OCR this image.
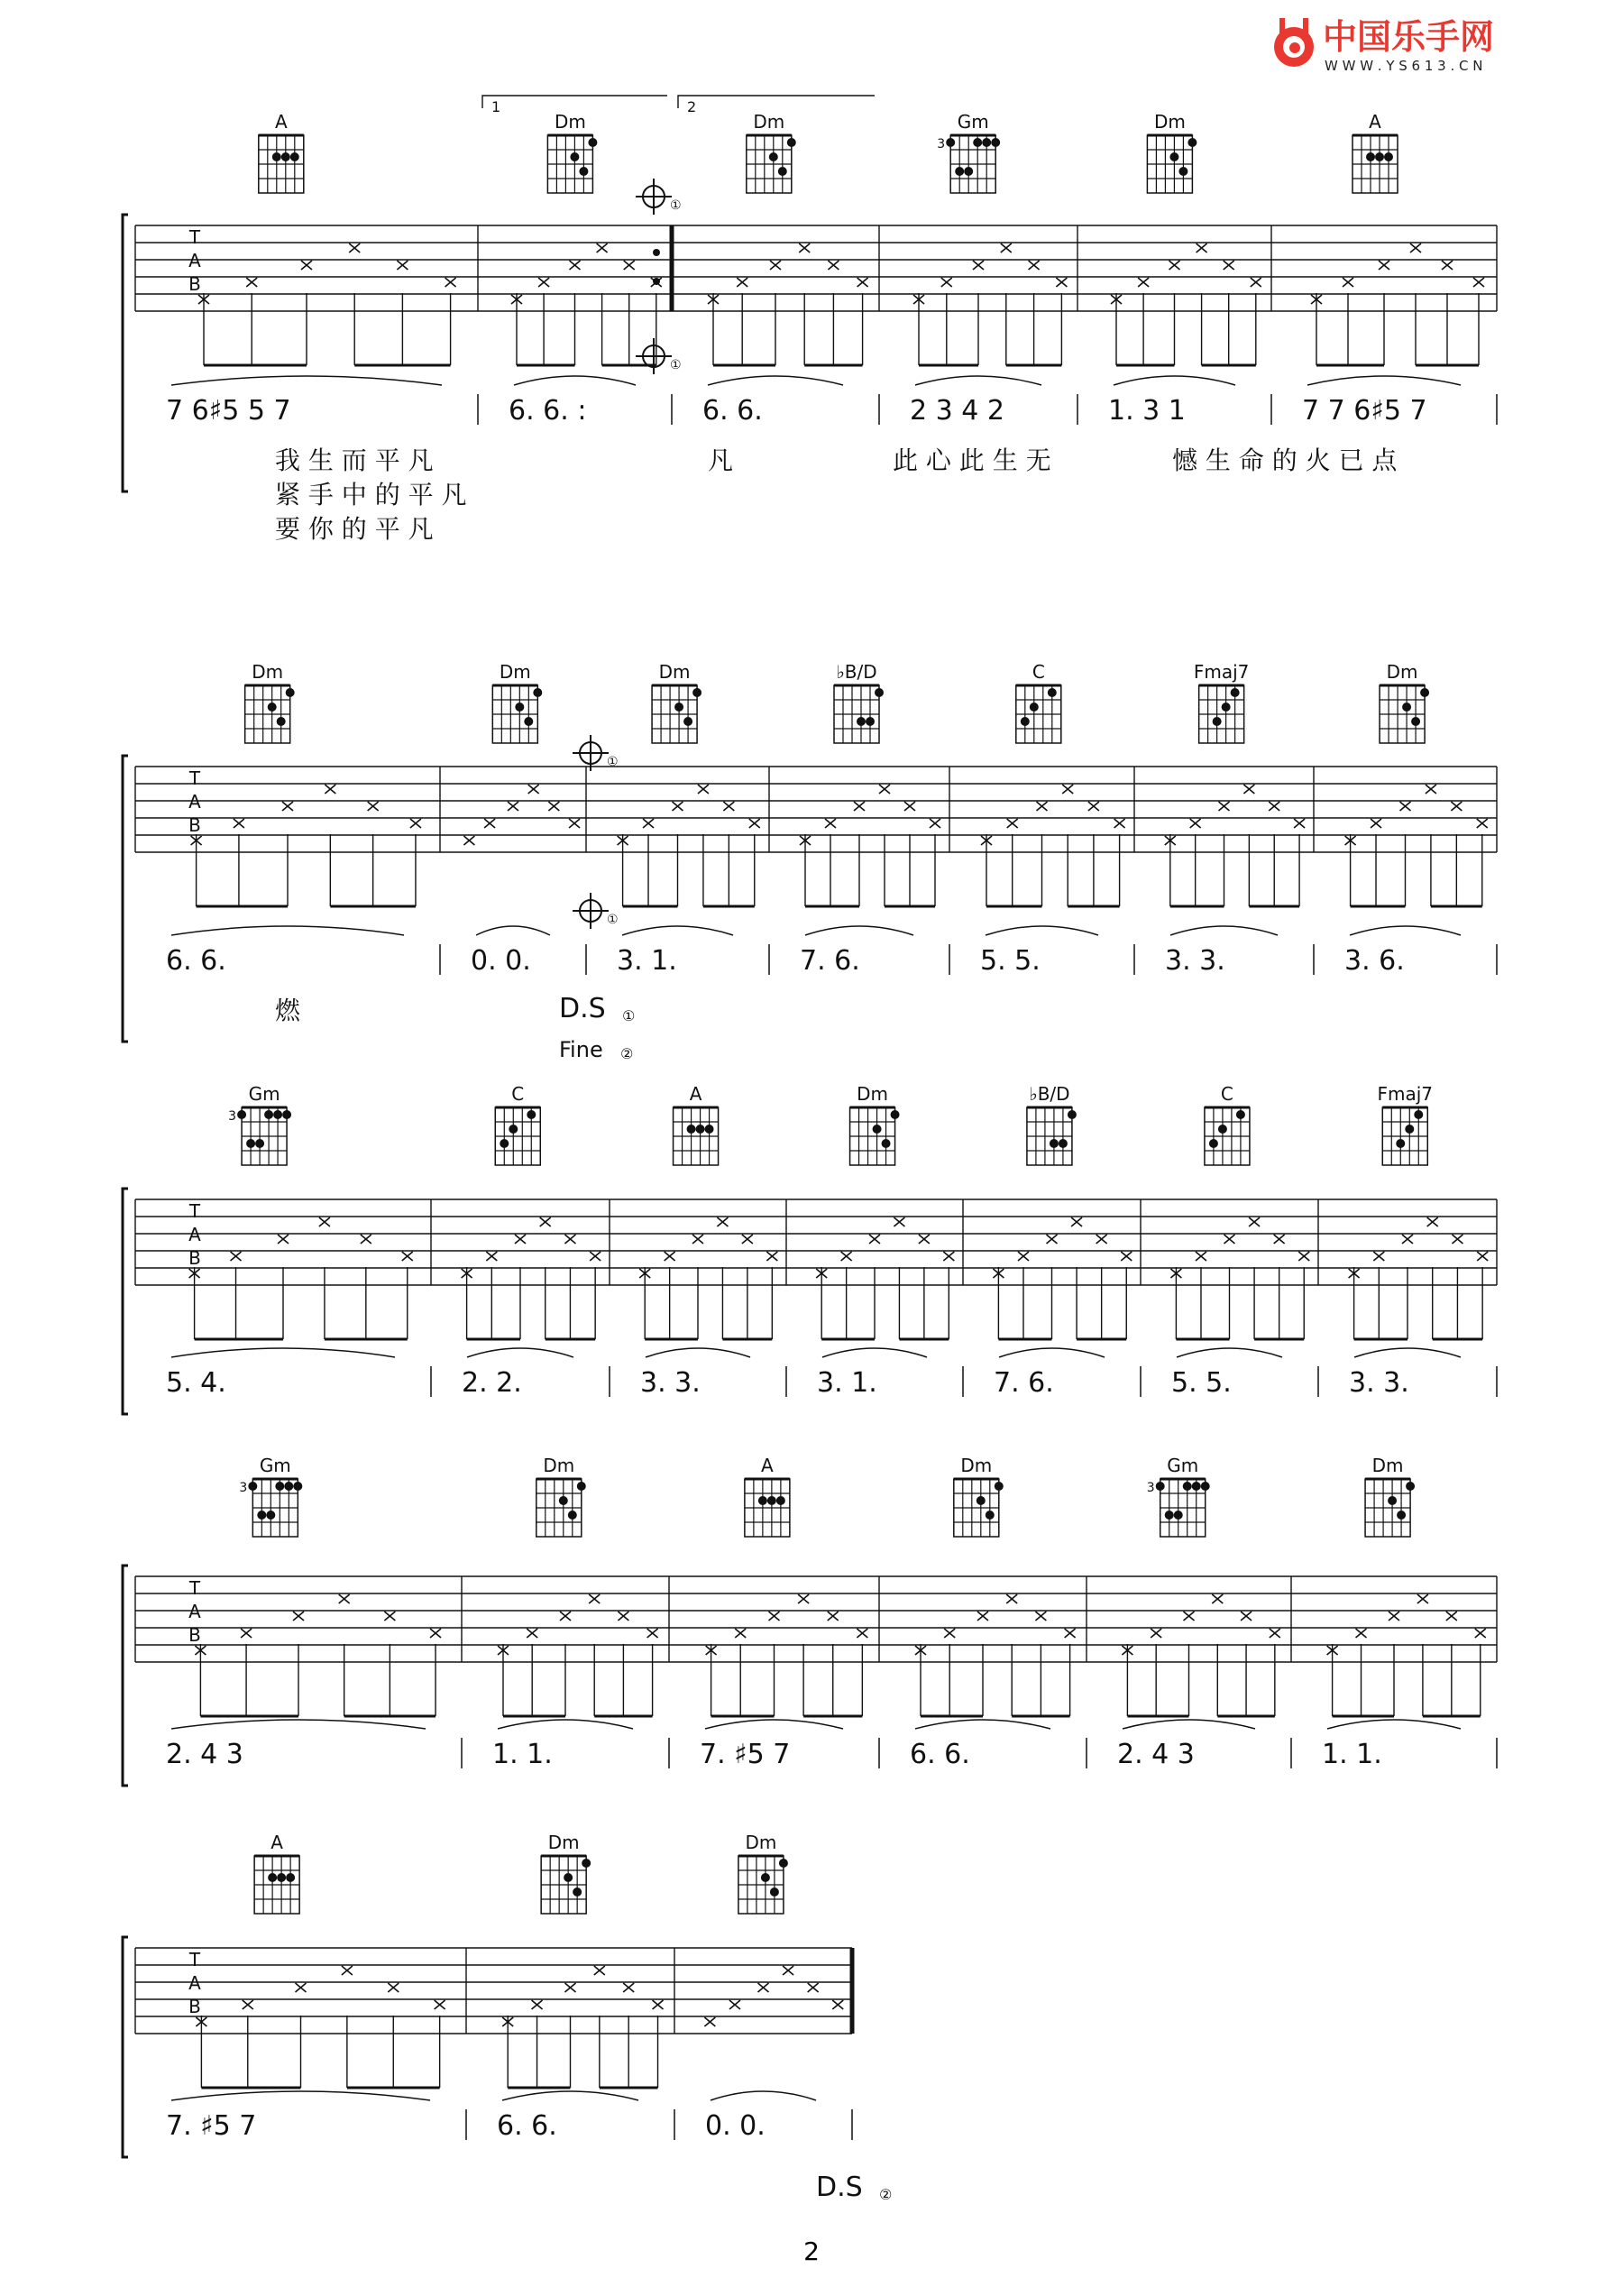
中国乐手网
W W W . Y S 6 1 3 . C N
T
A
B
A
7 6♯5 5 7
Dm
6. 6. :
Dm
6. 6.
Gm
3
2 3 4 2
Dm
1. 3 1
A
7 7 6♯5 7
我 生 而 平 凡	凡	此 心 此 生 无	憾 生 命 的 火 已 点
紧 手 中 的 平 凡
要 你 的 平 凡
T
A
B
Dm
6. 6.
Dm
0. 0.
Dm
3. 1.
♭B/D
7. 6.
C
5. 5.
Fmaj7
3. 3.
Dm
3. 6.
燃	D.S ①
Fine ②
T
A
B
Gm
3
5. 4.
C
2. 2.
A
3. 3.
Dm
3. 1.
♭B/D
7. 6.
C
5. 5.
Fmaj7
3. 3.
T
A
B
Gm
3
2. 4 3
Dm
1. 1.
A
7. ♯5 7
Dm
6. 6.
Gm
3
2. 4 3
Dm
1. 1.
T
A
B
A
7. ♯5 7
Dm
6. 6.
Dm
0. 0.
D.S ②
1	2
①
①
①
①
2
